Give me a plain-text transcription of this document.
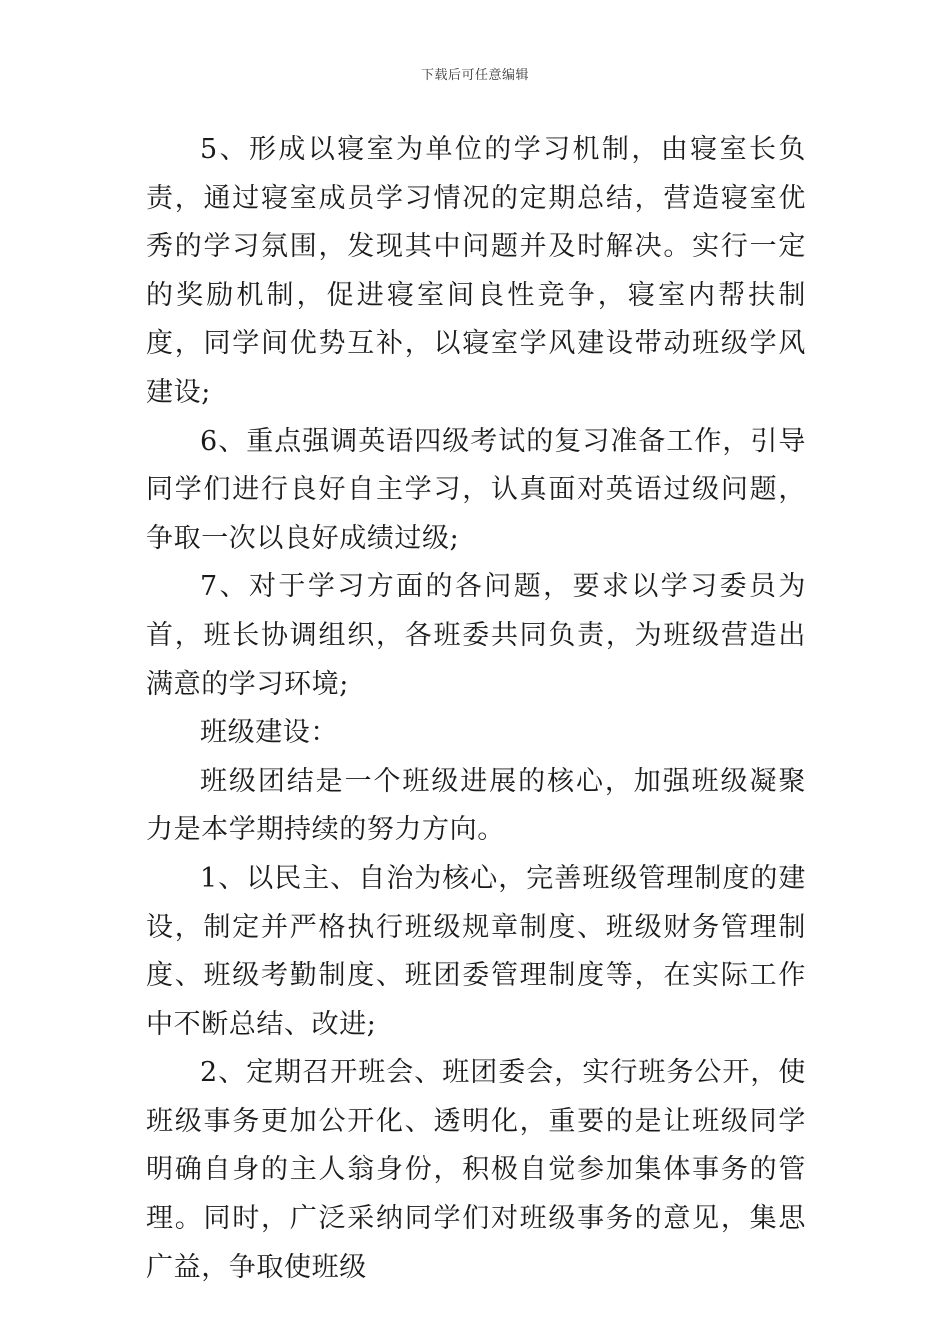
下载后可任意编辑

5、形成以寝室为单位的学习机制，由寝室长负责，通过寝室成员学习情况的定期总结，营造寝室优秀的学习氛围，发现其中问题并及时解决。实行一定的奖励机制，促进寝室间良性竞争，寝室内帮扶制度，同学间优势互补，以寝室学风建设带动班级学风建设;

6、重点强调英语四级考试的复习准备工作，引导同学们进行良好自主学习，认真面对英语过级问题，争取一次以良好成绩过级;

7、对于学习方面的各问题，要求以学习委员为首，班长协调组织，各班委共同负责，为班级营造出满意的学习环境;

班级建设：

班级团结是一个班级进展的核心，加强班级凝聚力是本学期持续的努力方向。

1、以民主、自治为核心，完善班级管理制度的建设，制定并严格执行班级规章制度、班级财务管理制度、班级考勤制度、班团委管理制度等，在实际工作中不断总结、改进;

2、定期召开班会、班团委会，实行班务公开，使班级事务更加公开化、透明化，重要的是让班级同学明确自身的主人翁身份，积极自觉参加集体事务的管理。同时，广泛采纳同学们对班级事务的意见，集思广益，争取使班级
